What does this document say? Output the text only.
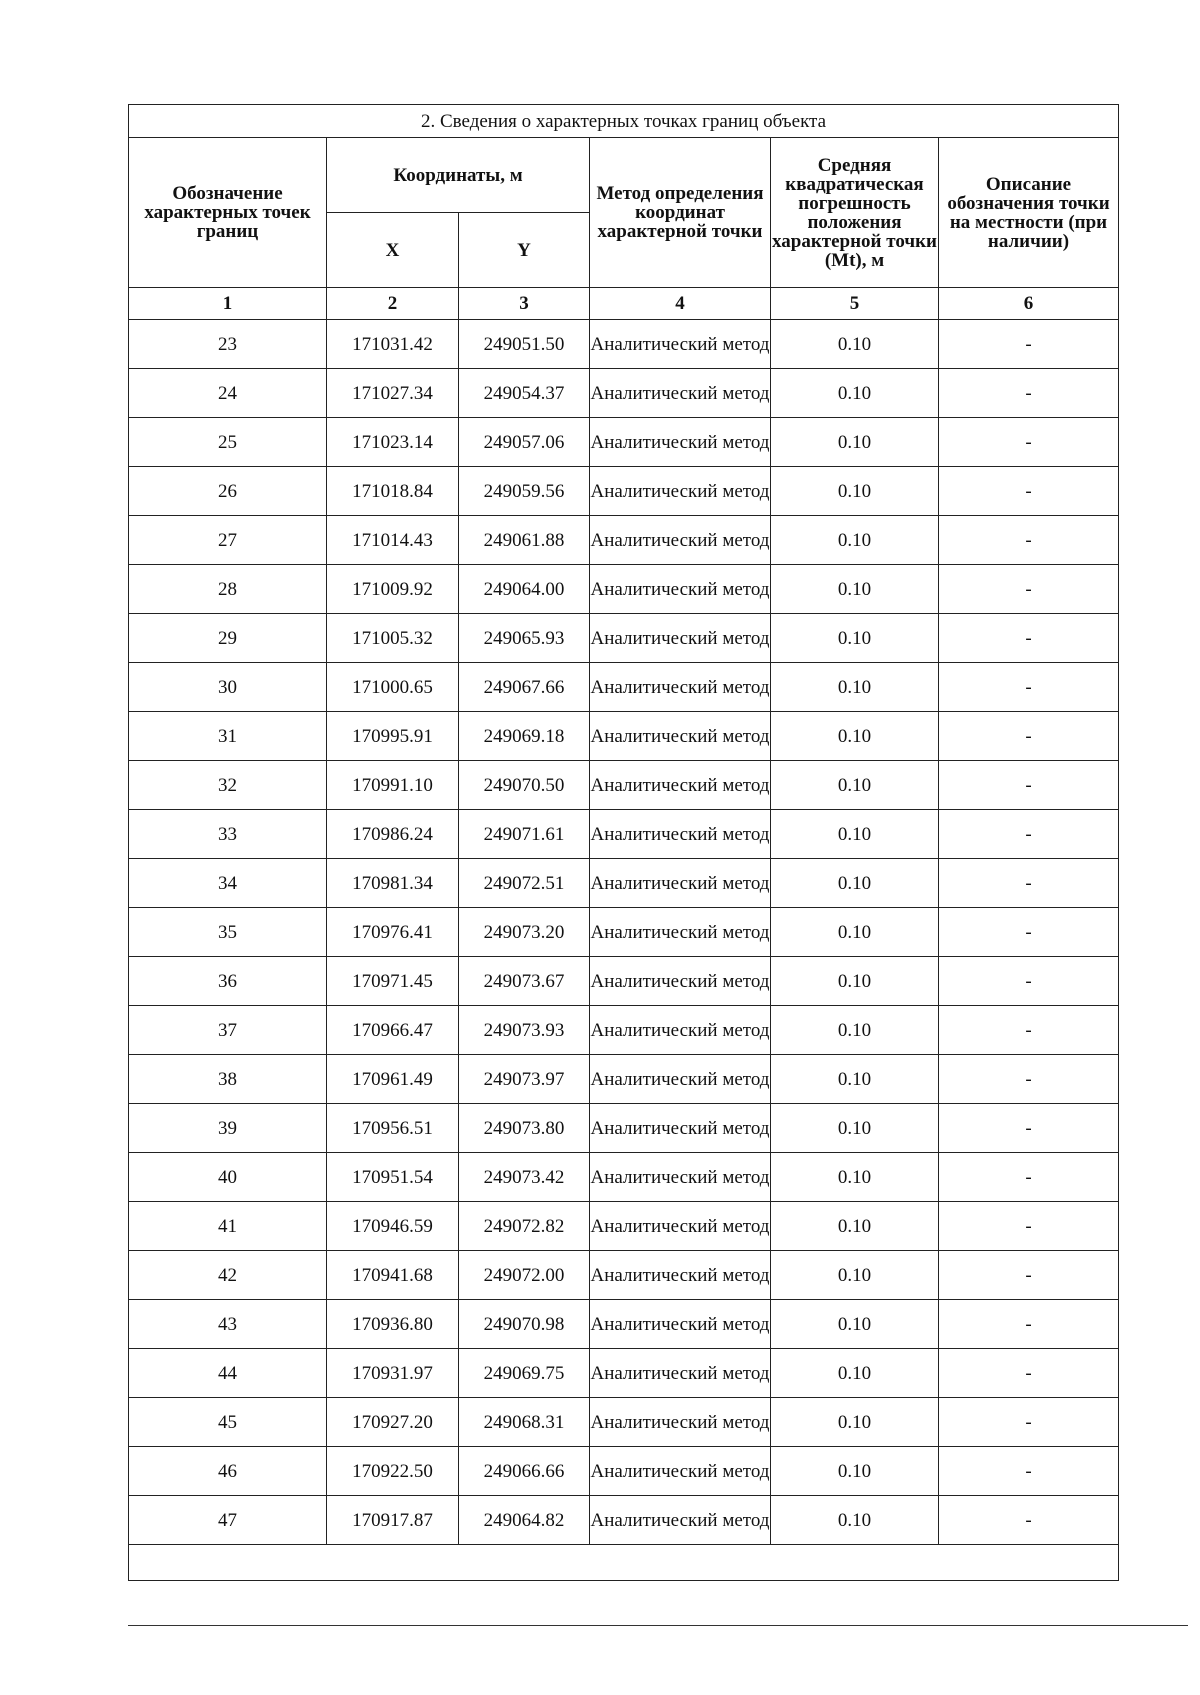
2. Сведения о характерных точках границ объекта					
Обозначение характерных точек границ	Координаты, м		Метод определения координат характерной точки	Средняя квадратическая погрешность положения характерной точки (Mt), м	Описание обозначения точки на местности (при наличии)
	X	Y			
1	2	3	4	5	6
23	171031.42	249051.50	Аналитический метод	0.10	-
24	171027.34	249054.37	Аналитический метод	0.10	-
25	171023.14	249057.06	Аналитический метод	0.10	-
26	171018.84	249059.56	Аналитический метод	0.10	-
27	171014.43	249061.88	Аналитический метод	0.10	-
28	171009.92	249064.00	Аналитический метод	0.10	-
29	171005.32	249065.93	Аналитический метод	0.10	-
30	171000.65	249067.66	Аналитический метод	0.10	-
31	170995.91	249069.18	Аналитический метод	0.10	-
32	170991.10	249070.50	Аналитический метод	0.10	-
33	170986.24	249071.61	Аналитический метод	0.10	-
34	170981.34	249072.51	Аналитический метод	0.10	-
35	170976.41	249073.20	Аналитический метод	0.10	-
36	170971.45	249073.67	Аналитический метод	0.10	-
37	170966.47	249073.93	Аналитический метод	0.10	-
38	170961.49	249073.97	Аналитический метод	0.10	-
39	170956.51	249073.80	Аналитический метод	0.10	-
40	170951.54	249073.42	Аналитический метод	0.10	-
41	170946.59	249072.82	Аналитический метод	0.10	-
42	170941.68	249072.00	Аналитический метод	0.10	-
43	170936.80	249070.98	Аналитический метод	0.10	-
44	170931.97	249069.75	Аналитический метод	0.10	-
45	170927.20	249068.31	Аналитический метод	0.10	-
46	170922.50	249066.66	Аналитический метод	0.10	-
47	170917.87	249064.82	Аналитический метод	0.10	-
